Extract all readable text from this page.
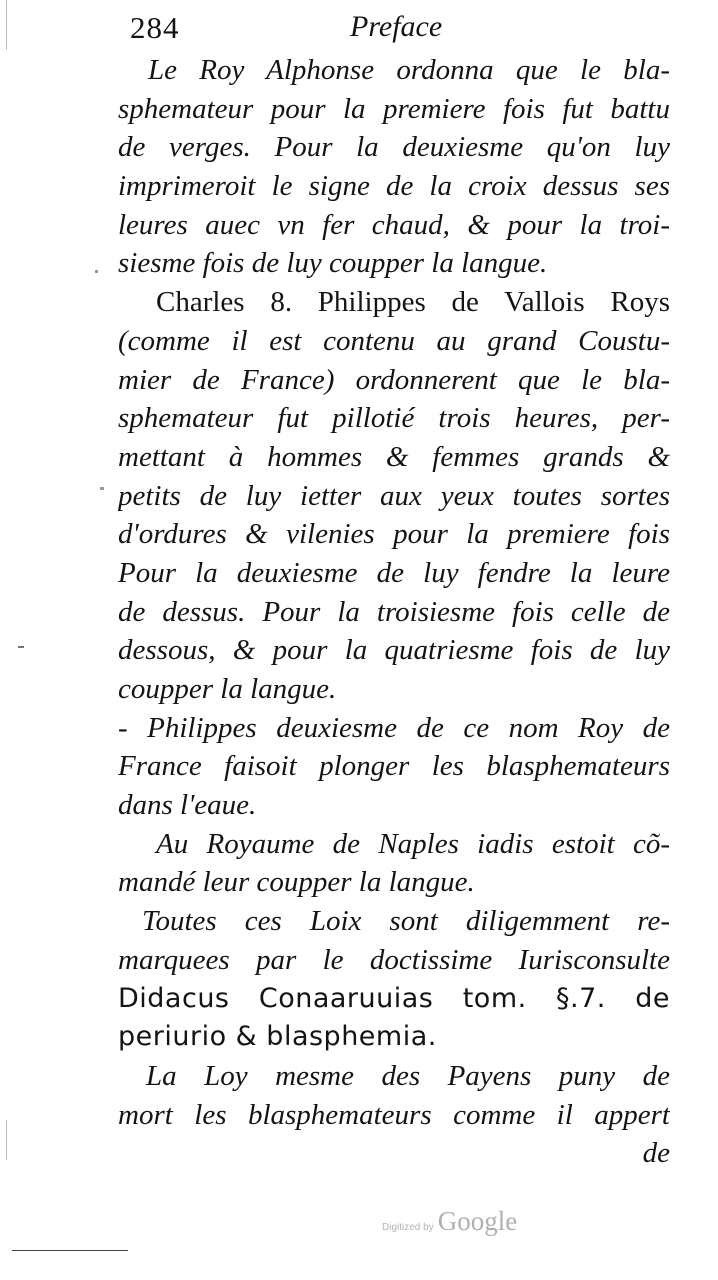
284	Preface
Le Roy Alphonse ordonna que le bla-
sphemateur pour la premiere fois fut battu
de verges. Pour la deuxiesme qu'on luy
imprimeroit le signe de la croix dessus ses
leures auec vn fer chaud, & pour la troi-
siesme fois de luy coupper la langue.
Charles 8. Philippes de Vallois Roys
(comme il est contenu au grand Coustu-
mier de France) ordonnerent que le bla-
sphemateur fut pillotié trois heures, per-
mettant à hommes & femmes grands &
petits de luy ietter aux yeux toutes sortes
d'ordures & vilenies pour la premiere fois
Pour la deuxiesme de luy fendre la leure
de dessus. Pour la troisiesme fois celle de
dessous, & pour la quatriesme fois de luy
coupper la langue.
- Philippes deuxiesme de ce nom Roy de
France faisoit plonger les blasphemateurs
dans l'eaue.
Au Royaume de Naples iadis estoit cõ-
mandé leur coupper la langue.
Toutes ces Loix sont diligemment re-
marquees par le doctissime Iurisconsulte
Didacus Conaaruuias tom. §.7. de
periurio & blasphemia.
La Loy mesme des Payens puny de
mort les blasphemateurs comme il appert
de
Digitized by Google
